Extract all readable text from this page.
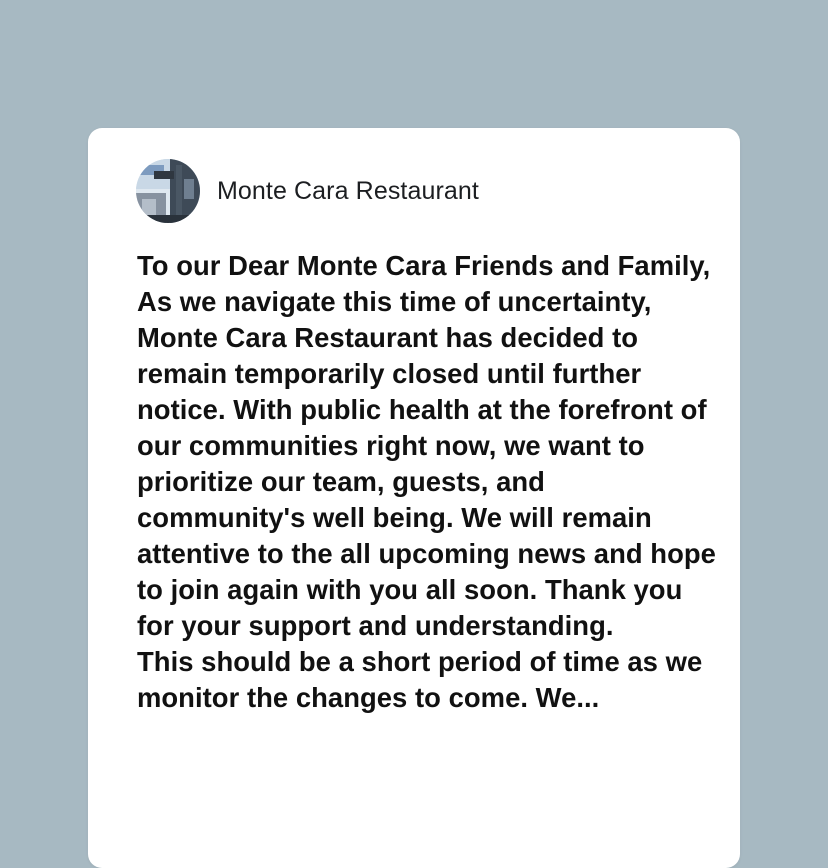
Monte Cara Restaurant

To our Dear Monte Cara Friends and Family,

As we navigate this time of uncertainty, Monte Cara Restaurant has decided to remain temporarily closed until further notice. With public health at the forefront of our communities right now, we want to prioritize our team, guests, and community's well being. We will remain attentive to the all upcoming news and hope to join again with you all soon. Thank you for your support and understanding.

This should be a short period of time as we monitor the changes to come. We...
